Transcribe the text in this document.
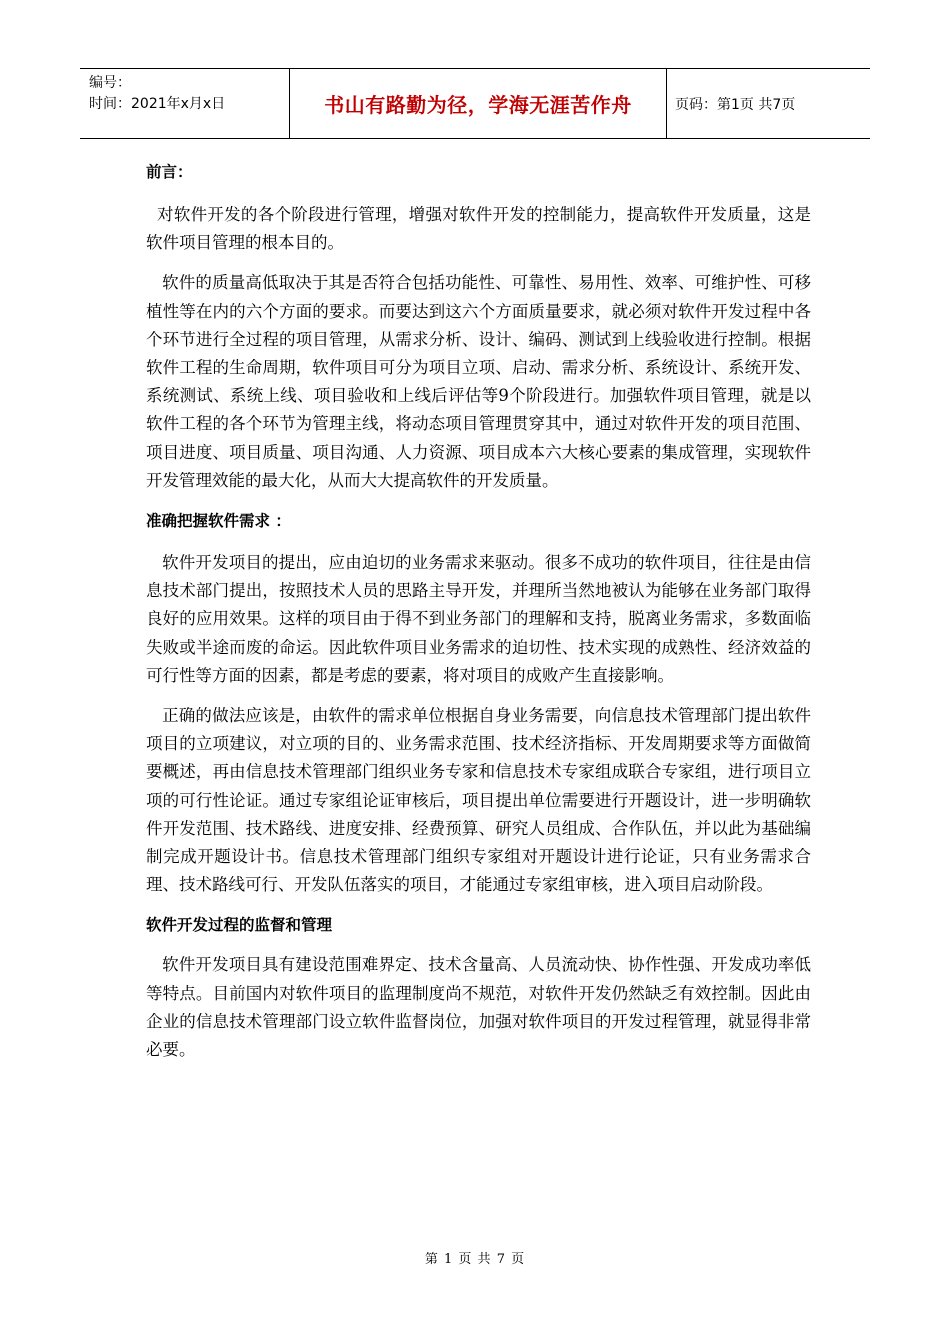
编号：
时间：2021年x月x日	书山有路勤为径，学海无涯苦作舟	页码：第1页 共7页

前言：

对软件开发的各个阶段进行管理，增强对软件开发的控制能力，提高软件开发质量，这是软件项目管理的根本目的。

软件的质量高低取决于其是否符合包括功能性、可靠性、易用性、效率、可维护性、可移植性等在内的六个方面的要求。而要达到这六个方面质量要求，就必须对软件开发过程中各个环节进行全过程的项目管理，从需求分析、设计、编码、测试到上线验收进行控制。根据软件工程的生命周期，软件项目可分为项目立项、启动、需求分析、系统设计、系统开发、系统测试、系统上线、项目验收和上线后评估等9个阶段进行。加强软件项目管理，就是以软件工程的各个环节为管理主线，将动态项目管理贯穿其中，通过对软件开发的项目范围、项目进度、项目质量、项目沟通、人力资源、项目成本六大核心要素的集成管理，实现软件开发管理效能的最大化，从而大大提高软件的开发质量。

准确把握软件需求 ：

软件开发项目的提出，应由迫切的业务需求来驱动。很多不成功的软件项目，往往是由信息技术部门提出，按照技术人员的思路主导开发，并理所当然地被认为能够在业务部门取得良好的应用效果。这样的项目由于得不到业务部门的理解和支持，脱离业务需求，多数面临失败或半途而废的命运。因此软件项目业务需求的迫切性、技术实现的成熟性、经济效益的可行性等方面的因素，都是考虑的要素，将对项目的成败产生直接影响。

正确的做法应该是，由软件的需求单位根据自身业务需要，向信息技术管理部门提出软件项目的立项建议，对立项的目的、业务需求范围、技术经济指标、开发周期要求等方面做简要概述，再由信息技术管理部门组织业务专家和信息技术专家组成联合专家组，进行项目立项的可行性论证。通过专家组论证审核后，项目提出单位需要进行开题设计，进一步明确软件开发范围、技术路线、进度安排、经费预算、研究人员组成、合作队伍，并以此为基础编制完成开题设计书。信息技术管理部门组织专家组对开题设计进行论证，只有业务需求合理、技术路线可行、开发队伍落实的项目，才能通过专家组审核，进入项目启动阶段。

软件开发过程的监督和管理

软件开发项目具有建设范围难界定、技术含量高、人员流动快、协作性强、开发成功率低等特点。目前国内对软件项目的监理制度尚不规范，对软件开发仍然缺乏有效控制。因此由企业的信息技术管理部门设立软件监督岗位，加强对软件项目的开发过程管理，就显得非常必要。

第 1 页 共 7 页
